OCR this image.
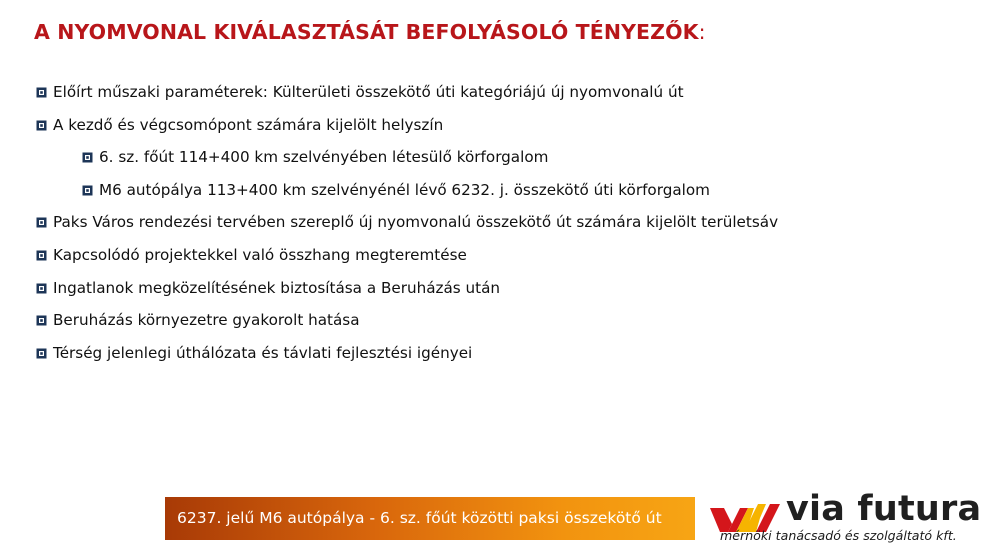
A NYOMVONAL KIVÁLASZTÁSÁT BEFOLYÁSOLÓ TÉNYEZŐK:
Előírt műszaki paraméterek: Külterületi összekötő úti kategóriájú új nyomvonalú út
A kezdő és végcsomópont számára kijelölt helyszín
6. sz. főút 114+400 km szelvényében létesülő körforgalom
M6 autópálya 113+400 km szelvényénél lévő 6232. j. összekötő úti körforgalom
Paks Város rendezési tervében szereplő új nyomvonalú összekötő út számára kijelölt területsáv
Kapcsolódó projektekkel való összhang megteremtése
Ingatlanok megközelítésének biztosítása a Beruházás után
Beruházás környezetre gyakorolt hatása
Térség jelenlegi úthálózata és távlati fejlesztési igényei
6237. jelű M6 autópálya - 6. sz. főút közötti paksi összekötő út	via futura
mérnöki tanácsadó és szolgáltató kft.
